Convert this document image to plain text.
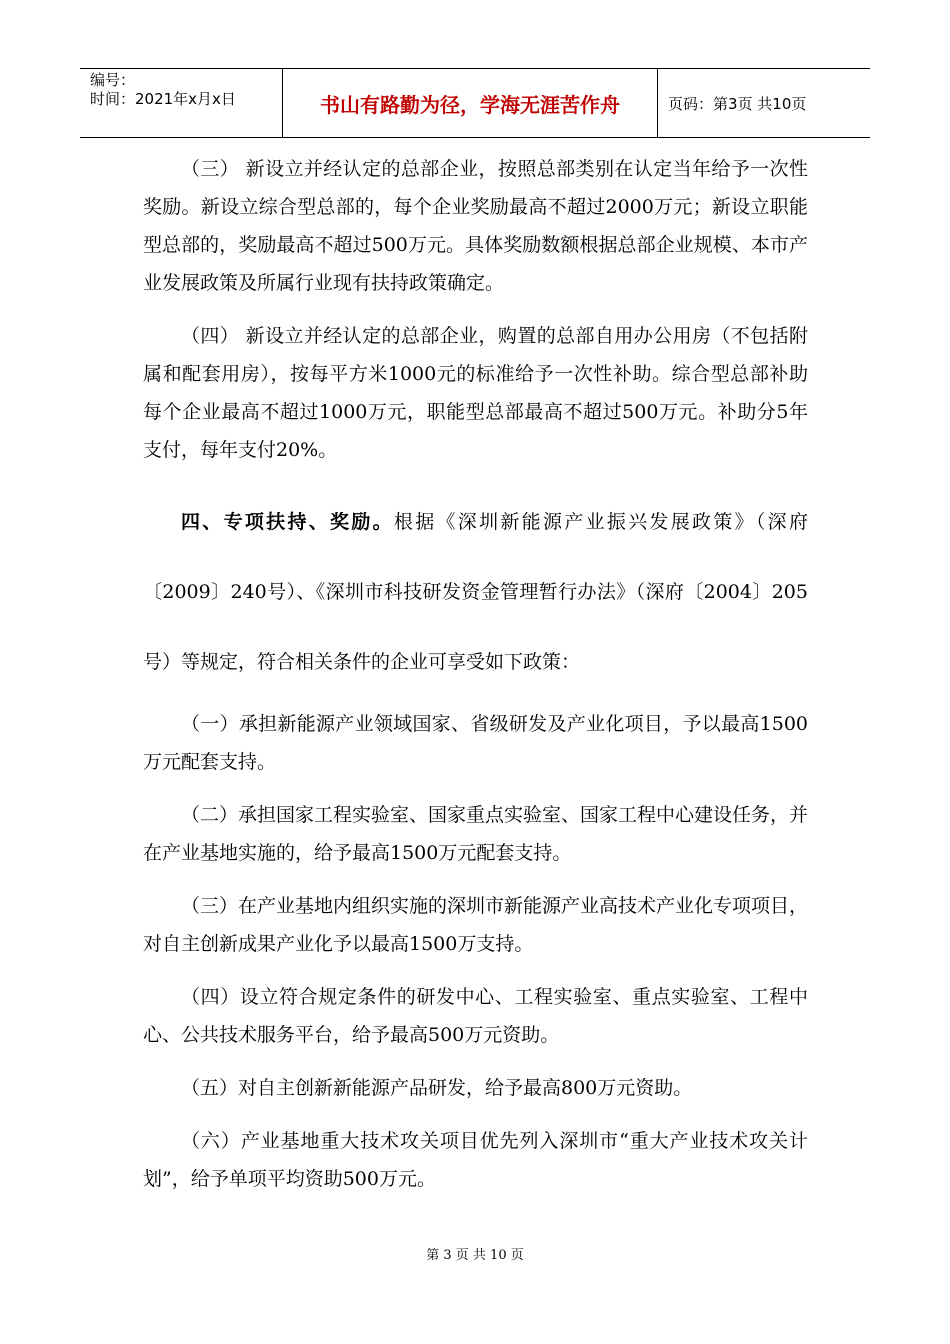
编号：
时间：2021年x月x日	书山有路勤为径，学海无涯苦作舟	页码：第3页 共10页

（三） 新设立并经认定的总部企业，按照总部类别在认定当年给予一次性奖励。新设立综合型总部的，每个企业奖励最高不超过2000万元；新设立职能型总部的，奖励最高不超过500万元。具体奖励数额根据总部企业规模、本市产业发展政策及所属行业现有扶持政策确定。

（四） 新设立并经认定的总部企业，购置的总部自用办公用房（不包括附属和配套用房），按每平方米1000元的标准给予一次性补助。综合型总部补助每个企业最高不超过1000万元，职能型总部最高不超过500万元。补助分5年支付，每年支付20%。

四、专项扶持、奖励。根据《深圳新能源产业振兴发展政策》（深府〔2009〕240号）、《深圳市科技研发资金管理暂行办法》（深府〔2004〕205号）等规定，符合相关条件的企业可享受如下政策：

（一）承担新能源产业领域国家、省级研发及产业化项目，予以最高1500万元配套支持。

（二）承担国家工程实验室、国家重点实验室、国家工程中心建设任务，并在产业基地实施的，给予最高1500万元配套支持。

（三）在产业基地内组织实施的深圳市新能源产业高技术产业化专项项目，对自主创新成果产业化予以最高1500万支持。

（四）设立符合规定条件的研发中心、工程实验室、重点实验室、工程中心、公共技术服务平台，给予最高500万元资助。

（五）对自主创新新能源产品研发，给予最高800万元资助。

（六）产业基地重大技术攻关项目优先列入深圳市“重大产业技术攻关计划”，给予单项平均资助500万元。

第 3 页 共 10 页
